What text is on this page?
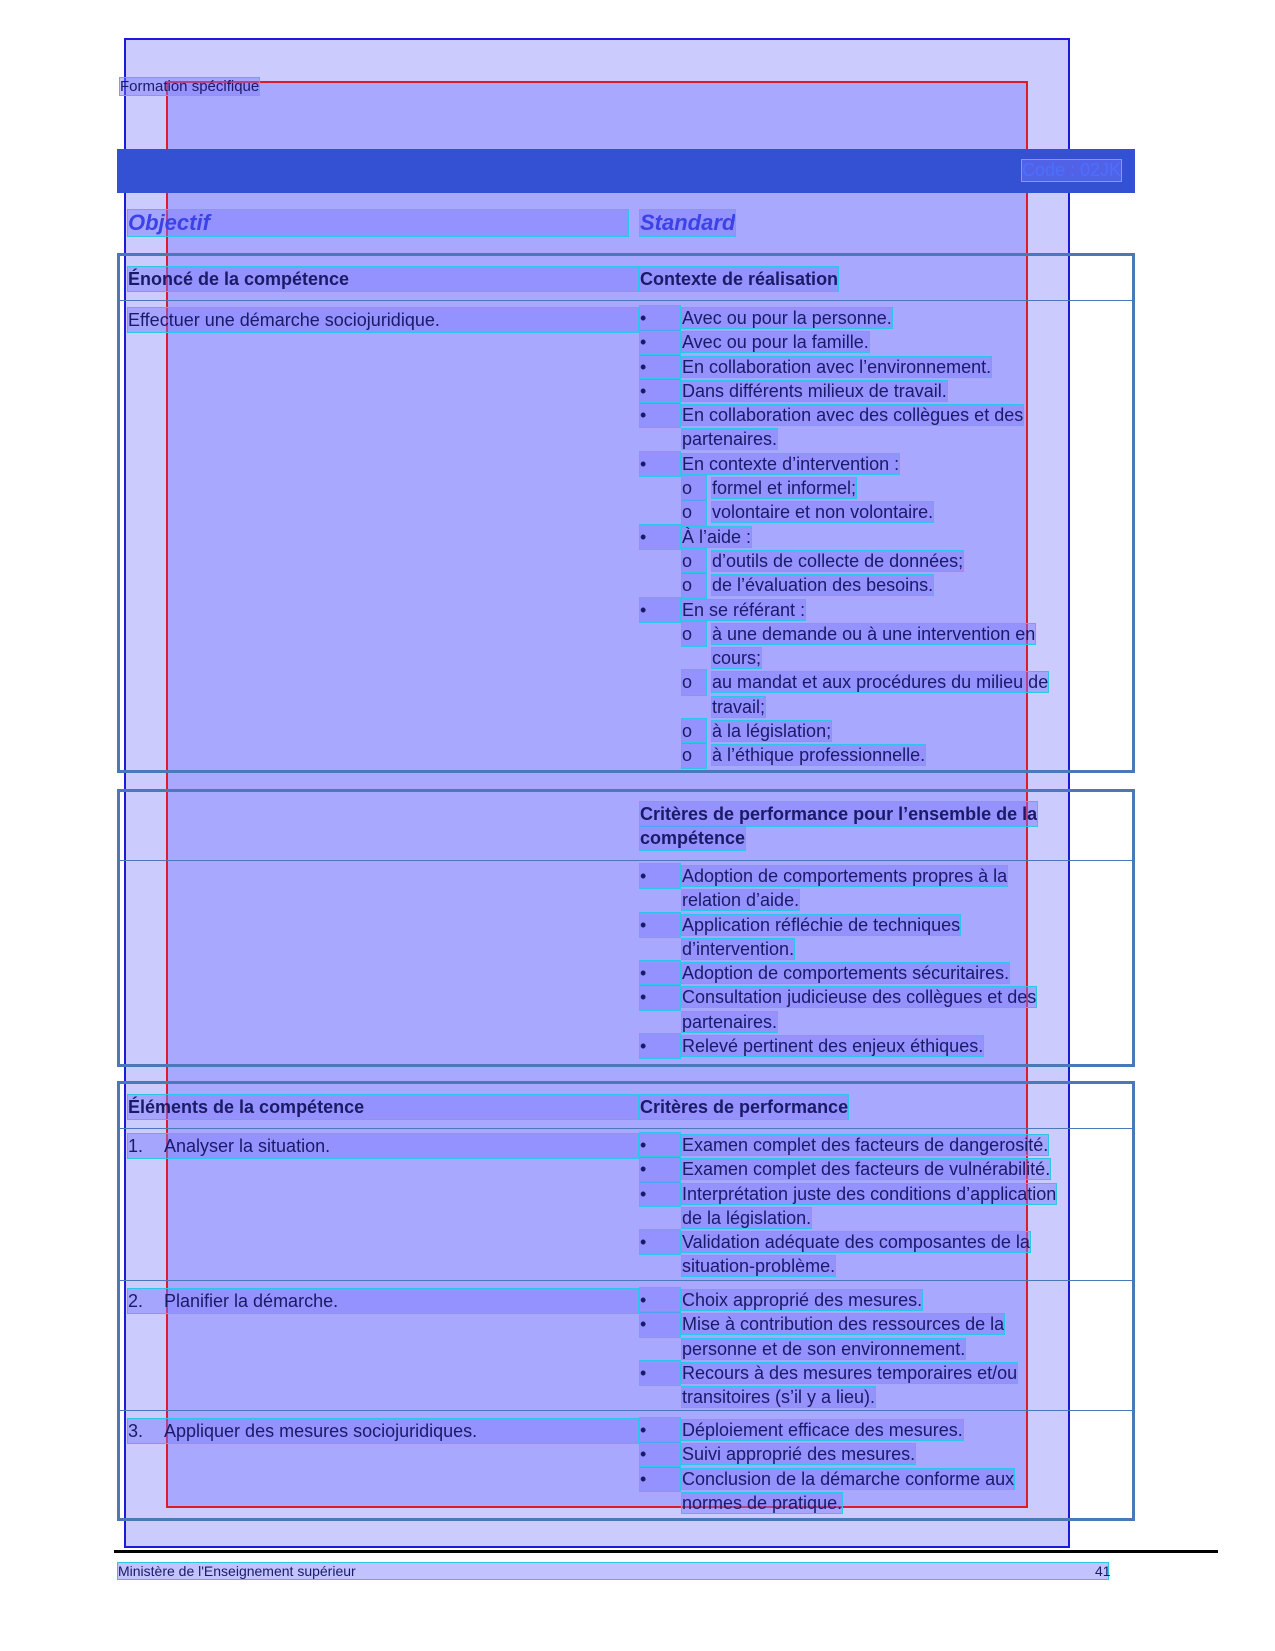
Formation spécifique
Code : 02JK
Objectif	Standard
Énoncé de la compétence	Contexte de réalisation
Effectuer une démarche sociojuridique.	•	Avec ou pour la personne.
•	Avec ou pour la famille.
•	En collaboration avec l’environnement.
•	Dans différents milieux de travail.
•	En collaboration avec des collègues et des
partenaires.
•	En contexte d’intervention :
o	formel et informel;
o	volontaire et non volontaire.
•	À l’aide :
o	d’outils de collecte de données;
o	de l’évaluation des besoins.
•	En se référant :
o	à une demande ou à une intervention en
cours;
o	au mandat et aux procédures du milieu de
travail;
o	à la législation;
o	à l’éthique professionnelle.
Critères de performance pour l’ensemble de la
compétence
•	Adoption de comportements propres à la
relation d’aide.
•	Application réfléchie de techniques
d’intervention.
•	Adoption de comportements sécuritaires.
•	Consultation judicieuse des collègues et des
partenaires.
•	Relevé pertinent des enjeux éthiques.
Éléments de la compétence	Critères de performance
1. Analyser la situation.	•	Examen complet des facteurs de dangerosité.
•	Examen complet des facteurs de vulnérabilité.
•	Interprétation juste des conditions d’application
de la législation.
•	Validation adéquate des composantes de la
situation-problème.
2. Planifier la démarche.	•	Choix approprié des mesures.
•	Mise à contribution des ressources de la
personne et de son environnement.
•	Recours à des mesures temporaires et/ou
transitoires (s’il y a lieu).
3. Appliquer des mesures sociojuridiques.	•	Déploiement efficace des mesures.
•	Suivi approprié des mesures.
•	Conclusion de la démarche conforme aux
normes de pratique.
Ministère de l'Enseignement supérieur	41
